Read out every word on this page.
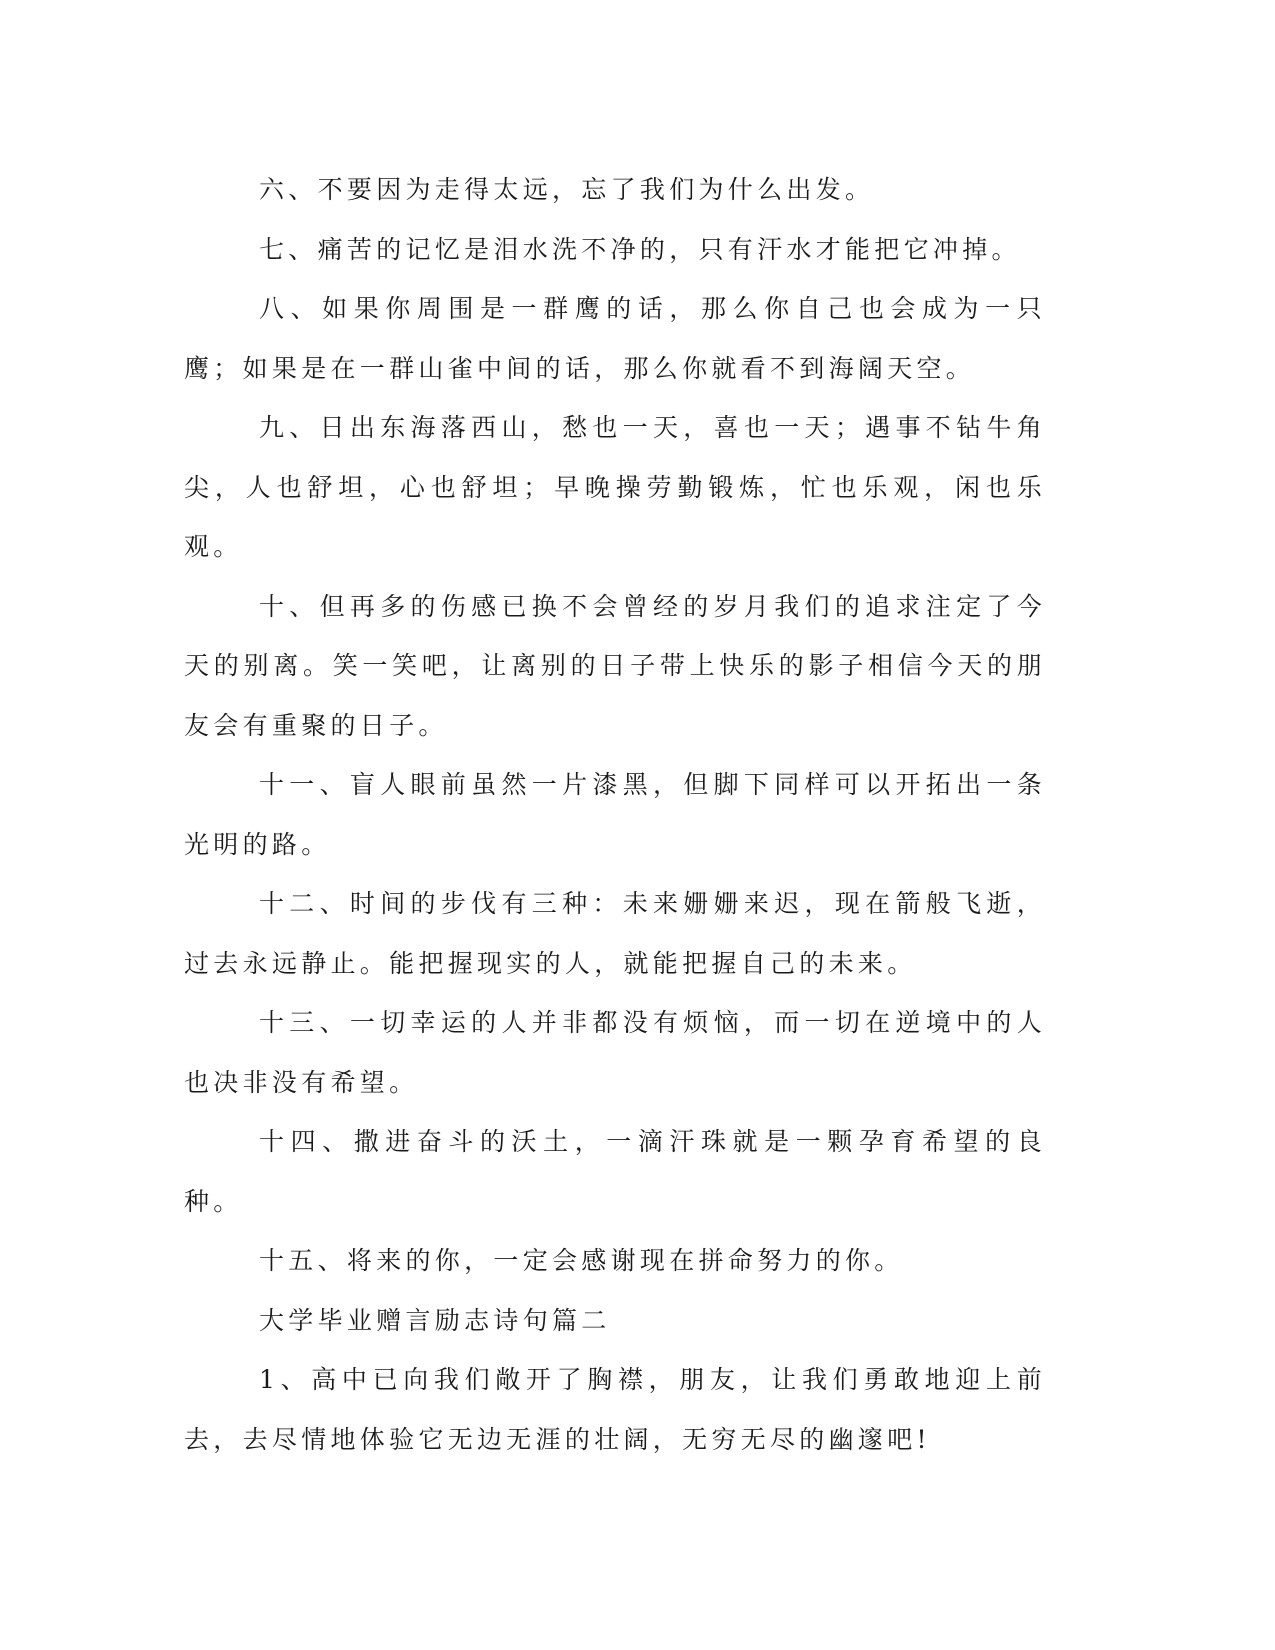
六、不要因为走得太远，忘了我们为什么出发。

七、痛苦的记忆是泪水洗不净的，只有汗水才能把它冲掉。

八、如果你周围是一群鹰的话，那么你自己也会成为一只鹰；如果是在一群山雀中间的话，那么你就看不到海阔天空。

九、日出东海落西山，愁也一天，喜也一天；遇事不钻牛角尖，人也舒坦，心也舒坦；早晚操劳勤锻炼，忙也乐观，闲也乐观。

十、但再多的伤感已换不会曾经的岁月我们的追求注定了今天的别离。笑一笑吧，让离别的日子带上快乐的影子相信今天的朋友会有重聚的日子。

十一、盲人眼前虽然一片漆黑，但脚下同样可以开拓出一条光明的路。

十二、时间的步伐有三种：未来姗姗来迟，现在箭般飞逝，过去永远静止。能把握现实的人，就能把握自己的未来。

十三、一切幸运的人并非都没有烦恼，而一切在逆境中的人也决非没有希望。

十四、撒进奋斗的沃土，一滴汗珠就是一颗孕育希望的良种。

十五、将来的你，一定会感谢现在拼命努力的你。

大学毕业赠言励志诗句篇二

1、高中已向我们敞开了胸襟，朋友，让我们勇敢地迎上前去，去尽情地体验它无边无涯的壮阔，无穷无尽的幽邃吧!
